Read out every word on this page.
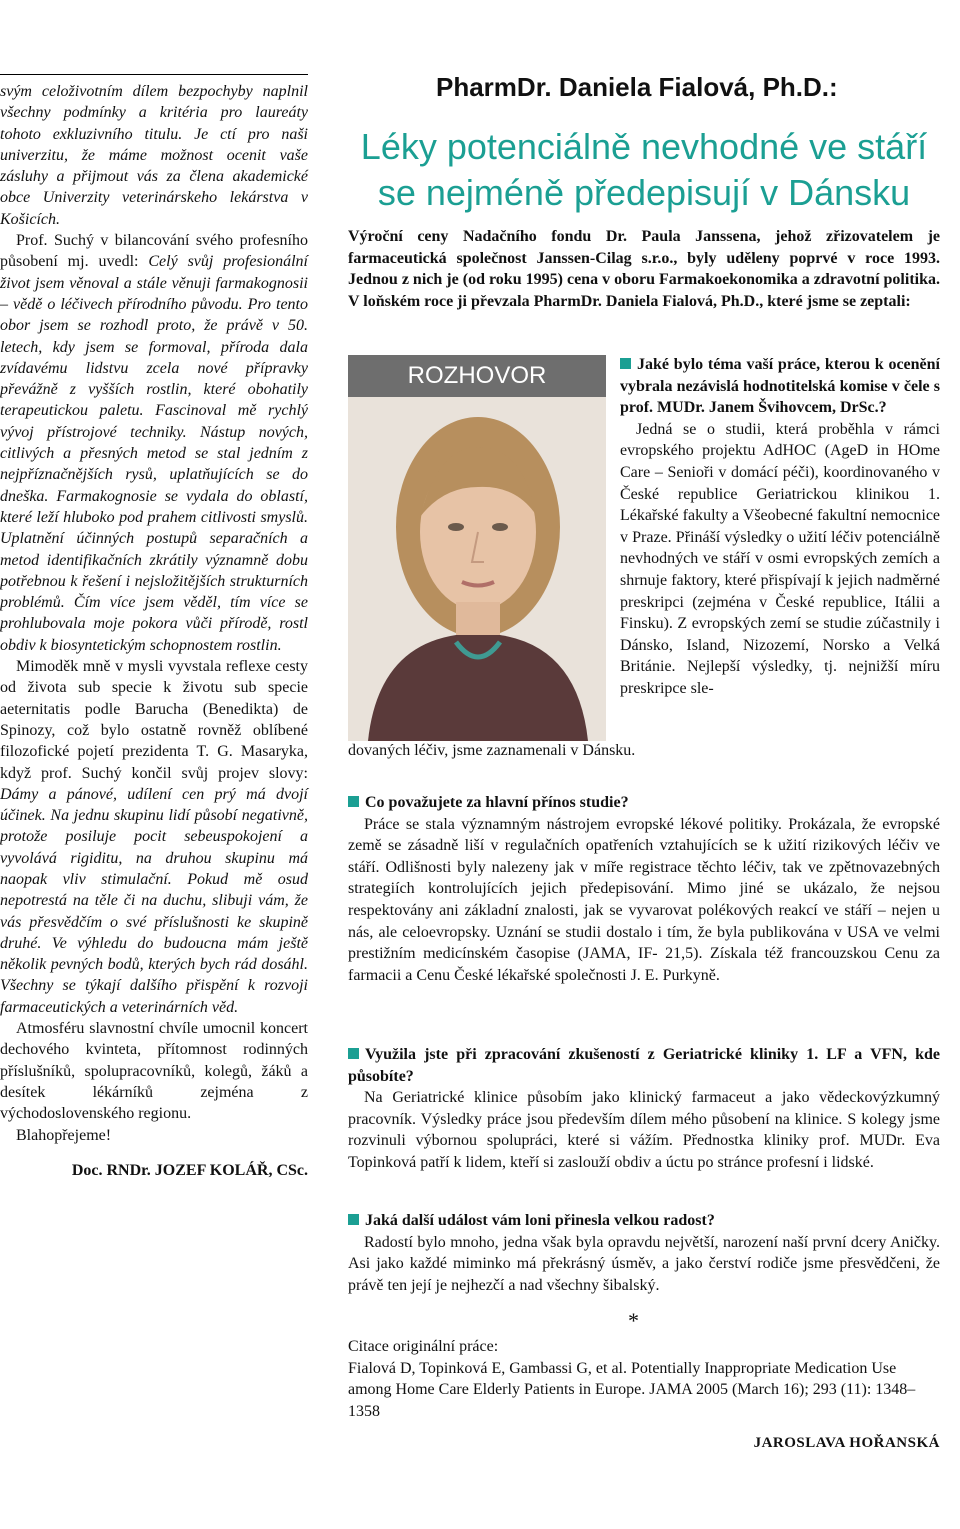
svým celoživotním dílem bezpochyby naplnil všechny podmínky a kritéria pro laureáty tohoto exkluzivního titulu. Je ctí pro naši univerzitu, že máme možnost ocenit vaše zásluhy a přijmout vás za člena akademické obce Univerzity veterinárskeho lekárstva v Košicích.

Prof. Suchý v bilancování svého profesního působení mj. uvedl: Celý svůj profesionální život jsem věnoval a stále věnuji farmakognosii – vědě o léčivech přírodního původu. Pro tento obor jsem se rozhodl proto, že právě v 50. letech, kdy jsem se formoval, příroda dala zvídavému lidstvu zcela nové přípravky převážně z vyšších rostlin, které obohatily terapeutickou paletu. Fascinoval mě rychlý vývoj přístrojové techniky. Nástup nových, citlivých a přesných metod se stal jedním z nejpříznačnějších rysů, uplatňujících se do dneška. Farmakognosie se vydala do oblastí, které leží hluboko pod prahem citlivosti smyslů. Uplatnění účinných postupů separačních a metod identifikačních zkrátily významně dobu potřebnou k řešení i nejsložitějších strukturních problémů. Čím více jsem věděl, tím více se prohlubovala moje pokora vůči přírodě, rostl obdiv k biosyntetickým schopnostem rostlin.

Mimoděk mně v mysli vyvstala reflexe cesty od života sub specie k životu sub specie aeternitatis podle Barucha (Benedikta) de Spinozy, což bylo ostatně rovněž oblíbené filozofické pojetí prezidenta T. G. Masaryka, když prof. Suchý končil svůj projev slovy: Dámy a pánové, udílení cen prý má dvojí účinek. Na jednu skupinu lidí působí negativně, protože posiluje pocit sebeuspokojení a vyvolává rigiditu, na druhou skupinu má naopak vliv stimulační. Pokud mě osud nepotrestá na těle či na duchu, slibuji vám, že vás přesvědčím o své příslušnosti ke skupině druhé. Ve výhledu do budoucna mám ještě několik pevných bodů, kterých bych rád dosáhl. Všechny se týkají dalšího přispění k rozvoji farmaceutických a veterinárních věd.

Atmosféru slavnostní chvíle umocnil koncert dechového kvinteta, přítomnost rodinných příslušníků, spolupracovníků, kolegů, žáků a desítek lékárníků zejména z východoslovenského regionu.

Blahopřejeme!

Doc. RNDr. JOZEF KOLÁŘ, CSc.

PharmDr. Daniela Fialová, Ph.D.:
Léky potenciálně nevhodné ve stáří
se nejméně předepisují v Dánsku

Výroční ceny Nadačního fondu Dr. Paula Janssena, jehož zřizovatelem je farmaceutická společnost Janssen-Cilag s.r.o., byly uděleny poprvé v roce 1993. Jednou z nich je (od roku 1995) cena v oboru Farmakoekonomika a zdravotní politika. V loňském roce ji převzala PharmDr. Daniela Fialová, Ph.D., které jsme se zeptali:

ROZHOVOR	Jaké bylo téma vaší práce, kterou k ocenění vybrala nezávislá hodnotitelská komise v čele s prof. MUDr. Janem Švihovcem, DrSc.?

Jedná se o studii, která proběhla v rámci evropského projektu AdHOC (AgeD in HOme Care – Senioři v domácí péči), koordinovaného v České republice Geriatrickou klinikou 1. Lékařské fakulty a Všeobecné fakultní nemocnice v Praze. Přináší výsledky o užití léčiv potenciálně nevhodných ve stáří v osmi evropských zemích a shrnuje faktory, které přispívají k jejich nadměrné preskripci (zejména v České republice, Itálii a Finsku). Z evropských zemí se studie zúčastnily i Dánsko, Island, Nizozemí, Norsko a Velká Británie. Nejlepší výsledky, tj. nejnižší míru preskripce sle-

dovaných léčiv, jsme zaznamenali v Dánsku.

Co považujete za hlavní přínos studie?

Práce se stala významným nástrojem evropské lékové politiky. Prokázala, že evropské země se zásadně liší v regulačních opatřeních vztahujících se k užití rizikových léčiv ve stáří. Odlišnosti byly nalezeny jak v míře registrace těchto léčiv, tak ve zpětnovazebných strategiích kontrolujících jejich předepisování. Mimo jiné se ukázalo, že nejsou respektovány ani základní znalosti, jak se vyvarovat polékových reakcí ve stáří – nejen u nás, ale celoevropsky. Uznání se studii dostalo i tím, že byla publikována v USA ve velmi prestižním medicínském časopise (JAMA, IF- 21,5). Získala též francouzskou Cenu za farmacii a Cenu České lékařské společnosti J. E. Purkyně.

Využila jste při zpracování zkušeností z Geriatrické kliniky 1. LF a VFN, kde působíte?

Na Geriatrické klinice působím jako klinický farmaceut a jako vědeckovýzkumný pracovník. Výsledky práce jsou především dílem mého působení na klinice. S kolegy jsme rozvinuli výbornou spolupráci, které si vážím. Přednostka kliniky prof. MUDr. Eva Topinková patří k lidem, kteří si zaslouží obdiv a úctu po stránce profesní i lidské.

Jaká další událost vám loni přinesla velkou radost?

Radostí bylo mnoho, jedna však byla opravdu největší, narození naší první dcery Aničky. Asi jako každé miminko má překrásný úsměv, a jako čerství rodiče jsme přesvědčeni, že právě ten její je nejhezčí a nad všechny šibalský.

*

Citace originální práce:

Fialová D, Topinková E, Gambassi G, et al. Potentially Inappropriate Medication Use among Home Care Elderly Patients in Europe. JAMA 2005 (March 16); 293 (11): 1348–1358

JAROSLAVA HOŘANSKÁ
